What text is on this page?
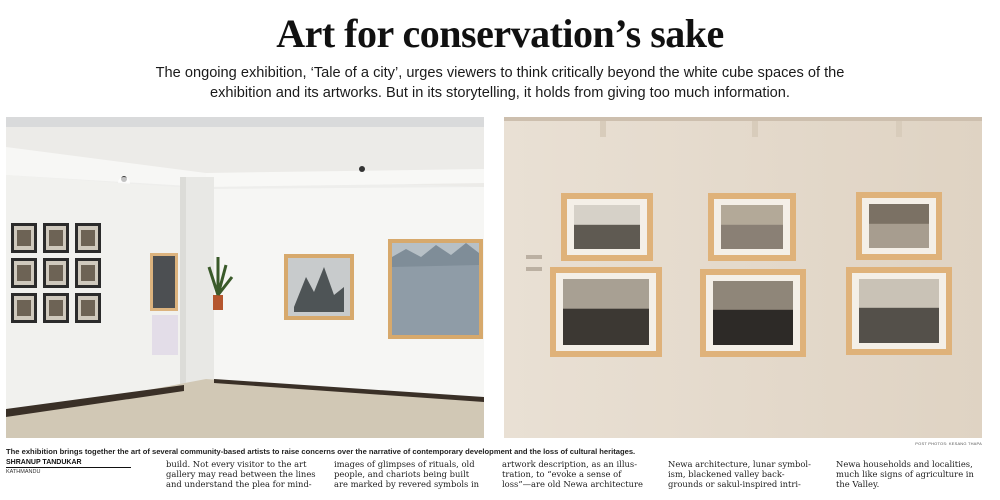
Art for conservation’s sake

The ongoing exhibition, ‘Tale of a city’, urges viewers to think critically beyond the white cube spaces of the exhibition and its artworks. But in its storytelling, it holds from giving too much information.

The exhibition brings together the art of several community-based artists to raise concerns over the narrative of contemporary development and the loss of cultural heritages.
POST PHOTOS: KESANG THAPA
SHRANUP TANDUKAR
KATHMANDU
build. Not every visitor to the art
gallery may read between the lines
and understand the plea for mind-
images of glimpses of rituals, old
people, and chariots being built
are marked by revered symbols in
artwork description, as an illus-
tration, to “evoke a sense of
loss”—are old Newa architecture
Newa architecture, lunar symbol-
ism, blackened valley back-
grounds or sakul-inspired intri-
Newa households and localities,
much like signs of agriculture in
the Valley.
